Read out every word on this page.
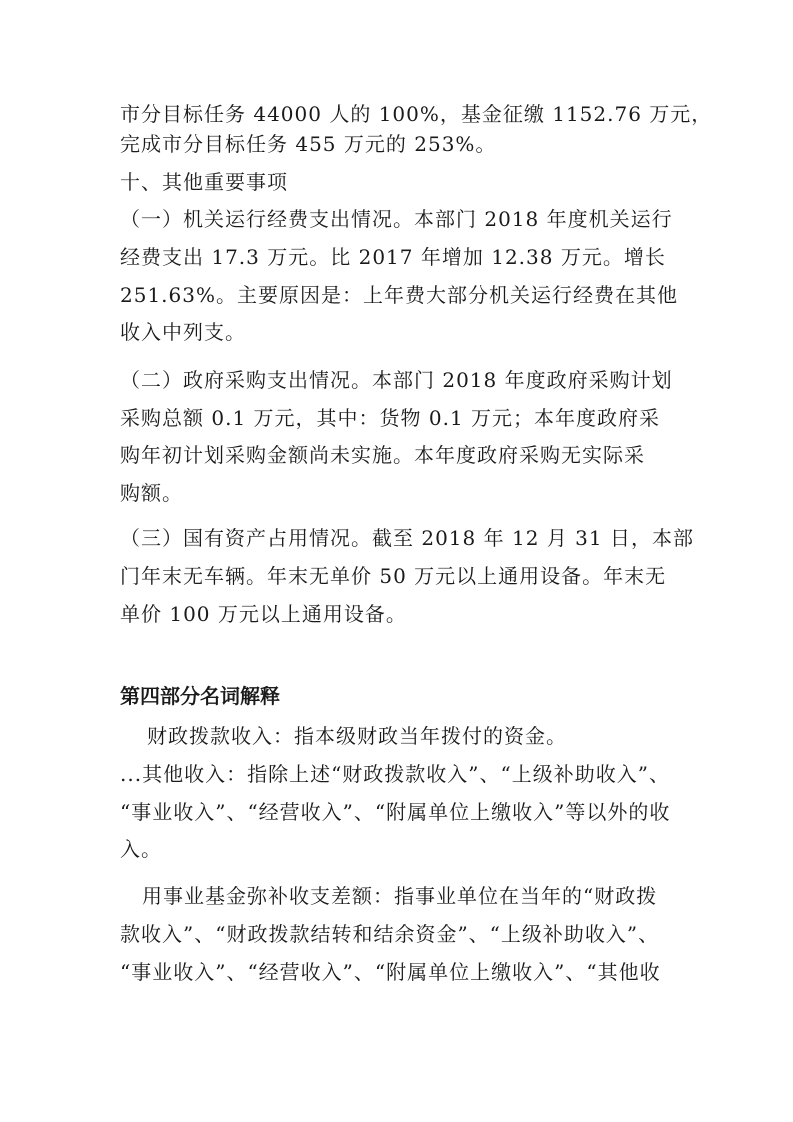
市分目标任务 44000 人的 100%，基金征缴 1152.76 万元，
完成市分目标任务 455 万元的 253%。
十、其他重要事项
（一）机关运行经费支出情况。本部门 2018 年度机关运行
经费支出 17.3 万元。比 2017 年增加 12.38 万元。增长
251.63%。主要原因是：上年费大部分机关运行经费在其他
收入中列支。
（二）政府采购支出情况。本部门 2018 年度政府采购计划
采购总额 0.1 万元，其中：货物 0.1 万元；本年度政府采
购年初计划采购金额尚未实施。本年度政府采购无实际采
购额。
（三）国有资产占用情况。截至 2018 年 12 月 31 日，本部
门年末无车辆。年末无单价 50 万元以上通用设备。年末无
单价 100 万元以上通用设备。
第四部分名词解释
财政拨款收入：指本级财政当年拨付的资金。
...其他收入：指除上述“财政拨款收入”、“上级补助收入”、
“事业收入”、“经营收入”、“附属单位上缴收入”等以外的收
入。
用事业基金弥补收支差额：指事业单位在当年的“财政拨
款收入”、“财政拨款结转和结余资金”、“上级补助收入”、
“事业收入”、“经营收入”、“附属单位上缴收入”、“其他收
